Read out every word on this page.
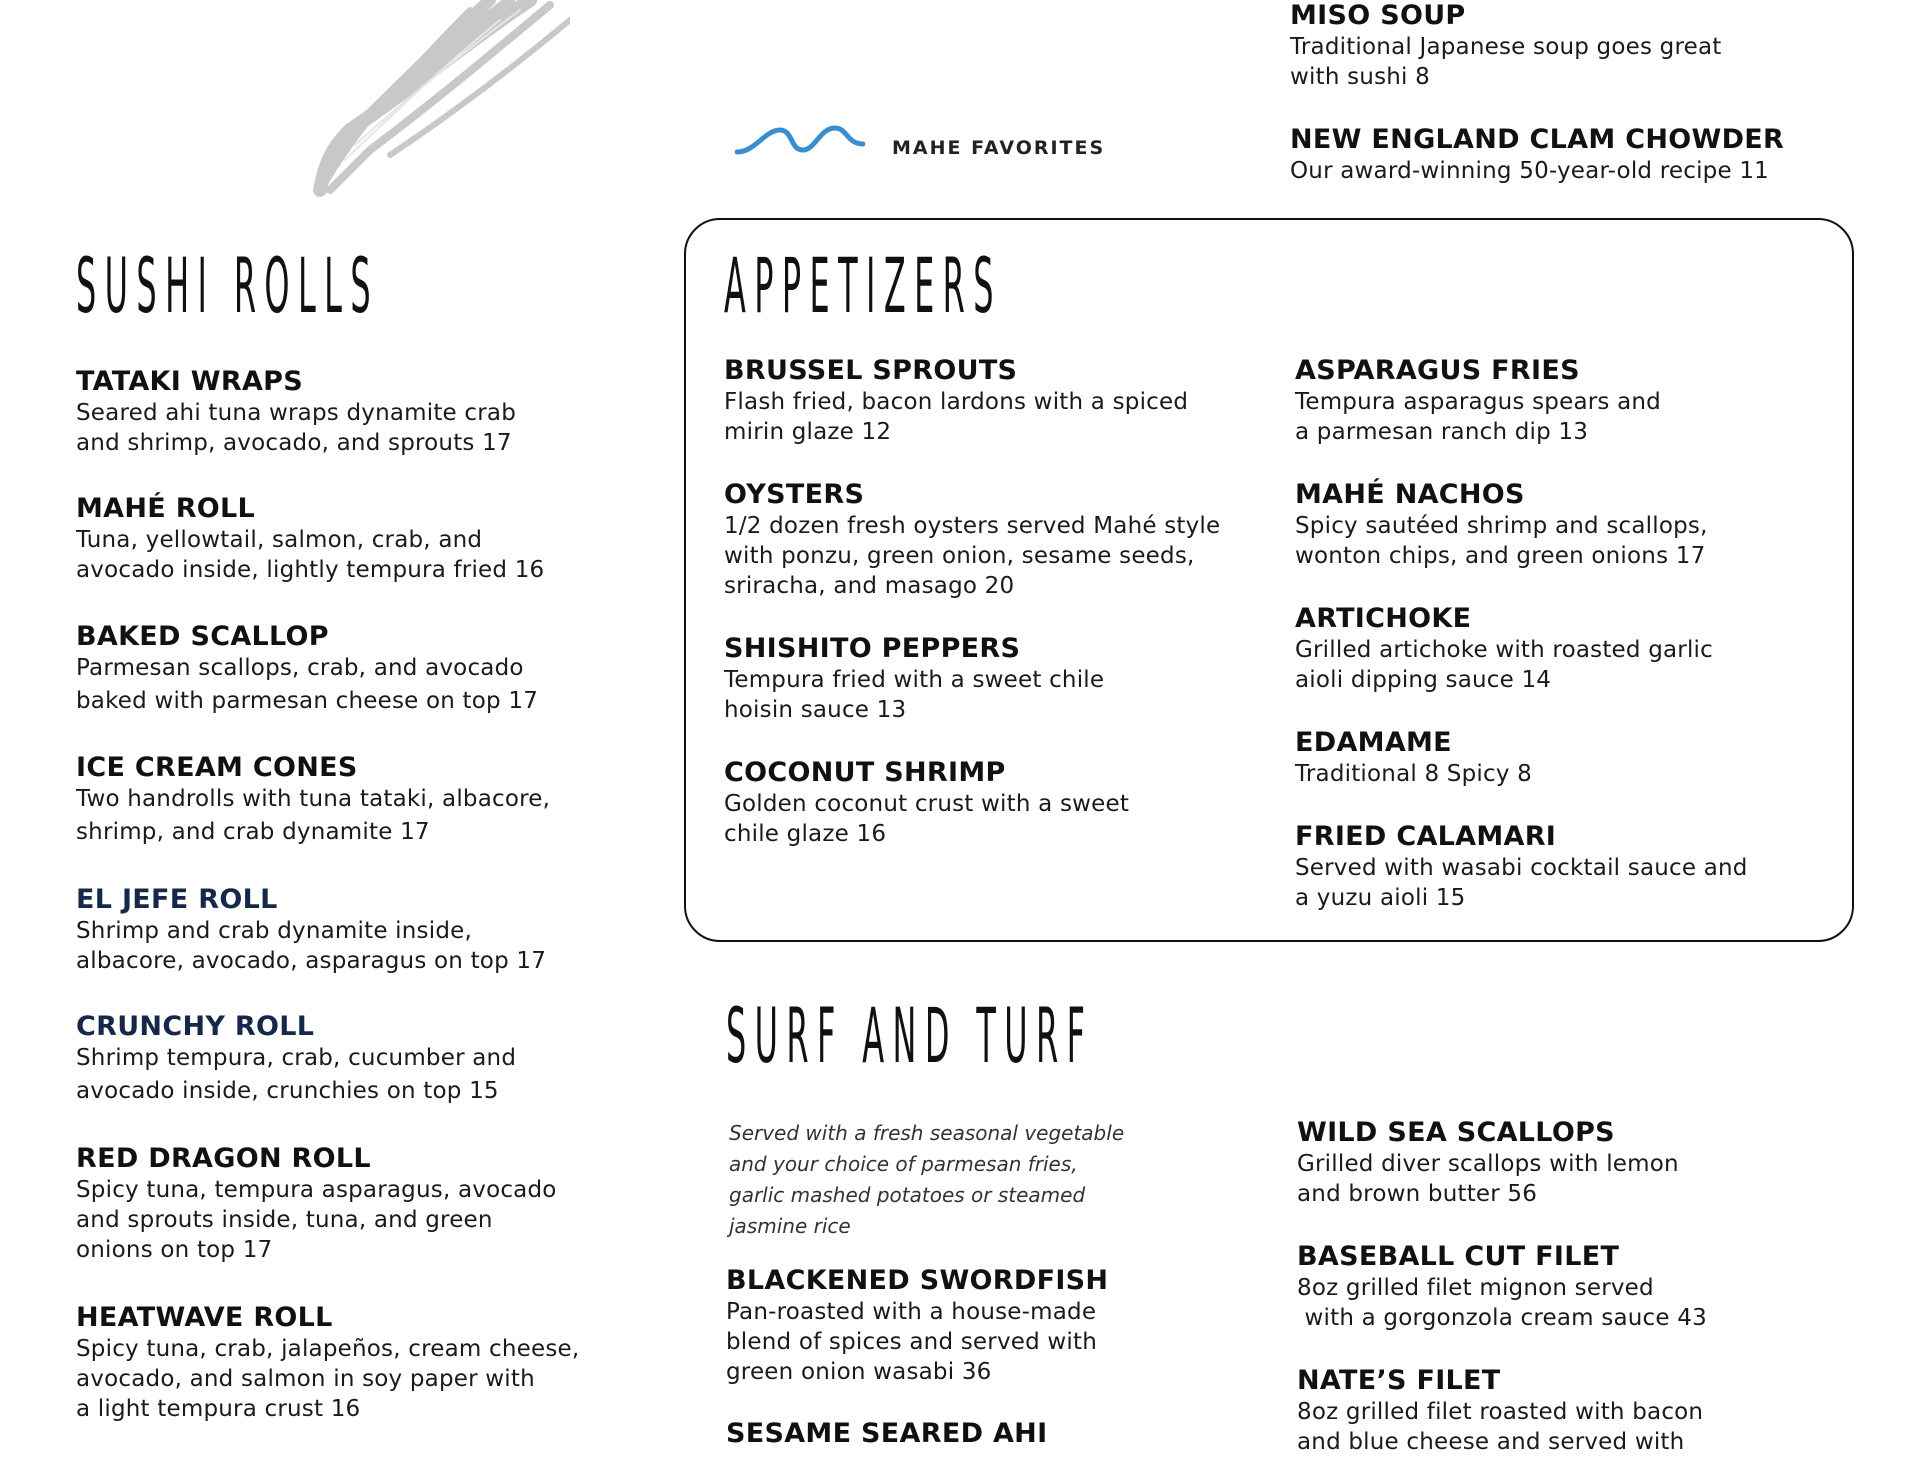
MAHE FAVORITES
MISO SOUP
Traditional Japanese soup goes great
with sushi 8
NEW ENGLAND CLAM CHOWDER
Our award-winning 50-year-old recipe 11
SUSHI ROLLS
TATAKI WRAPS
Seared ahi tuna wraps dynamite crab
and shrimp, avocado, and sprouts 17
MAHÉ ROLL
Tuna, yellowtail, salmon, crab, and
avocado inside, lightly tempura fried 16
BAKED SCALLOP
Parmesan scallops, crab, and avocado
baked with parmesan cheese on top 17
ICE CREAM CONES
Two handrolls with tuna tataki, albacore,
shrimp, and crab dynamite 17
EL JEFE ROLL
Shrimp and crab dynamite inside,
albacore, avocado, asparagus on top 17
CRUNCHY ROLL
Shrimp tempura, crab, cucumber and
avocado inside, crunchies on top 15
RED DRAGON ROLL
Spicy tuna, tempura asparagus, avocado
and sprouts inside, tuna, and green
onions on top 17
HEATWAVE ROLL
Spicy tuna, crab, jalapeños, cream cheese,
avocado, and salmon in soy paper with
a light tempura crust 16
APPETIZERS
BRUSSEL SPROUTS
Flash fried, bacon lardons with a spiced
mirin glaze 12
OYSTERS
1/2 dozen fresh oysters served Mahé style
with ponzu, green onion, sesame seeds,
sriracha, and masago 20
SHISHITO PEPPERS
Tempura fried with a sweet chile
hoisin sauce 13
COCONUT SHRIMP
Golden coconut crust with a sweet
chile glaze 16
ASPARAGUS FRIES
Tempura asparagus spears and
a parmesan ranch dip 13
MAHÉ NACHOS
Spicy sautéed shrimp and scallops,
wonton chips, and green onions 17
ARTICHOKE
Grilled artichoke with roasted garlic
aioli dipping sauce 14
EDAMAME
Traditional 8 Spicy 8
FRIED CALAMARI
Served with wasabi cocktail sauce and
a yuzu aioli 15
SURF AND TURF
Served with a fresh seasonal vegetable
and your choice of parmesan fries,
garlic mashed potatoes or steamed
jasmine rice
BLACKENED SWORDFISH
Pan-roasted with a house-made
blend of spices and served with
green onion wasabi 36
SESAME SEARED AHI
WILD SEA SCALLOPS
Grilled diver scallops with lemon
and brown butter 56
BASEBALL CUT FILET
8oz grilled filet mignon served
with a gorgonzola cream sauce 43
NATE’S FILET
8oz grilled filet roasted with bacon
and blue cheese and served with
